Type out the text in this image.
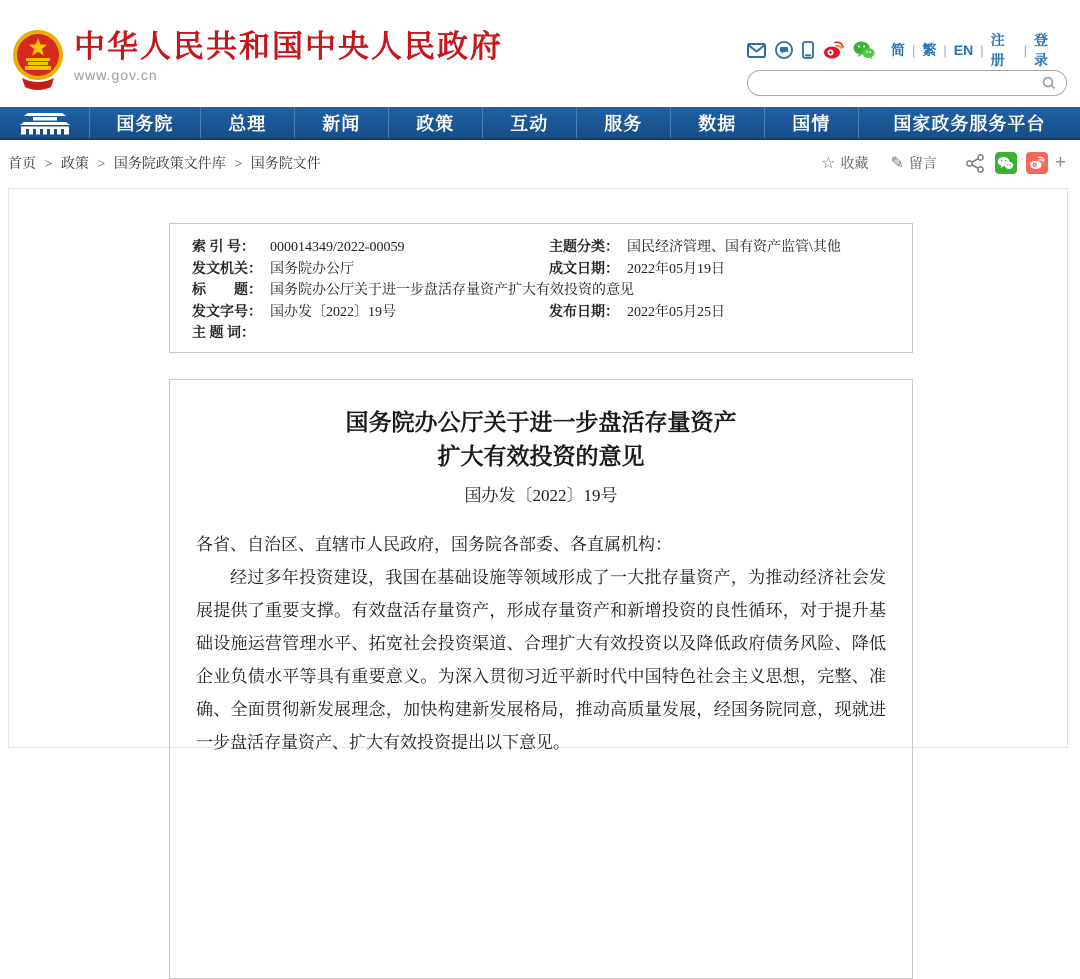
中华人民共和国中央人民政府
www.gov.cn
简 | 繁 | EN |
注册
|
登录
国务院	总理	新闻	政策	互动	服务	数据	国情	国家政务服务平台
首页 > 政策 > 国务院政策文件库 > 国务院文件	☆ 收藏 ✎ 留言	+
索 引 号：	000014349/2022-00059	主题分类： 国民经济管理、国有资产监管\其他
发文机关： 国务院办公厅	成文日期： 2022年05月19日
标　　题： 国务院办公厅关于进一步盘活存量资产扩大有效投资的意见
发文字号： 国办发〔2022〕19号	发布日期： 2022年05月25日
主 题 词：
国务院办公厅关于进一步盘活存量资产
扩大有效投资的意见
国办发〔2022〕19号

各省、自治区、直辖市人民政府，国务院各部委、各直属机构：

经过多年投资建设，我国在基础设施等领域形成了一大批存量资产，为推动经济社会发展提供了重要支撑。有效盘活存量资产，形成存量资产和新增投资的良性循环，对于提升基础设施运营管理水平、拓宽社会投资渠道、合理扩大有效投资以及降低政府债务风险、降低企业负债水平等具有重要意义。为深入贯彻习近平新时代中国特色社会主义思想，完整、准确、全面贯彻新发展理念，加快构建新发展格局，推动高质量发展，经国务院同意，现就进一步盘活存量资产、扩大有效投资提出以下意见。
